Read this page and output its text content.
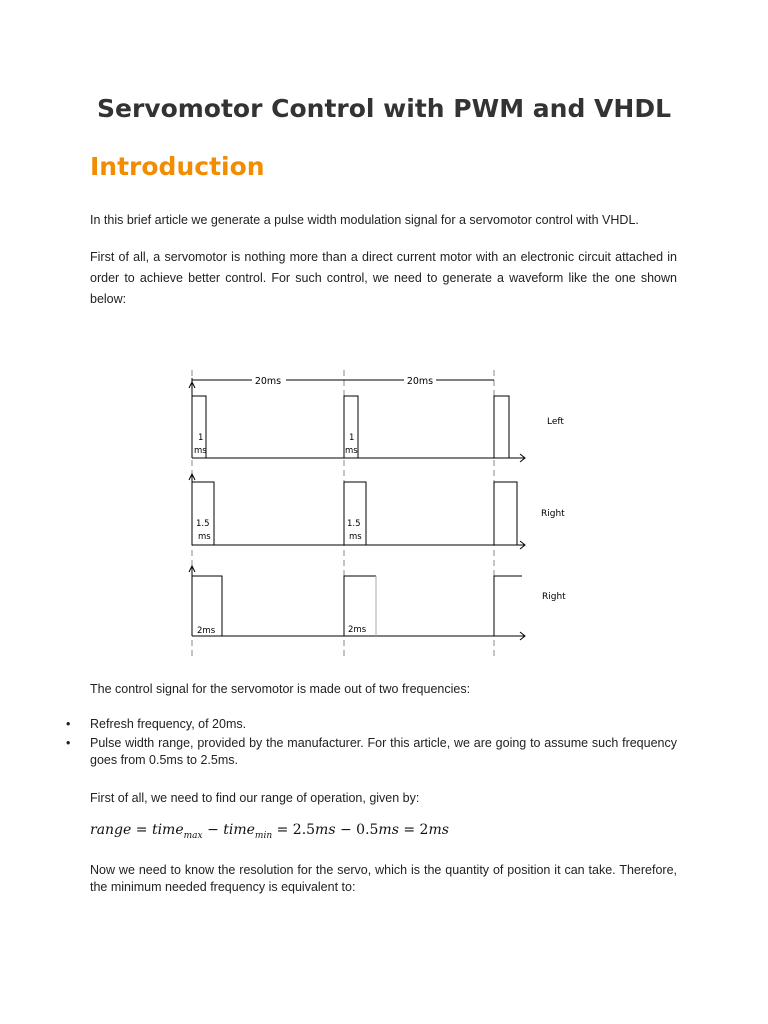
Servomotor Control with PWM and VHDL
Introduction

In this brief article we generate a pulse width modulation signal for a servomotor control with VHDL.

First of all, a servomotor is nothing more than a direct current motor with an electronic circuit attached in order to achieve better control. For such control, we need to generate a waveform like the one shown below:

20ms	20ms
1
ms
1
ms
Left
1.5
ms
1.5
ms
Right
2ms	2ms
Right

The control signal for the servomotor is made out of two frequencies:

• Refresh frequency, of 20ms.
• Pulse width range, provided by the manufacturer. For this article, we are going to assume such frequency goes from 0.5ms to 2.5ms.

First of all, we need to find our range of operation, given by:

range = time$_{max}$ − time$_{min}$ = 2.5ms − 0.5ms = 2ms

Now we need to know the resolution for the servo, which is the quantity of position it can take. Therefore, the minimum needed frequency is equivalent to:
